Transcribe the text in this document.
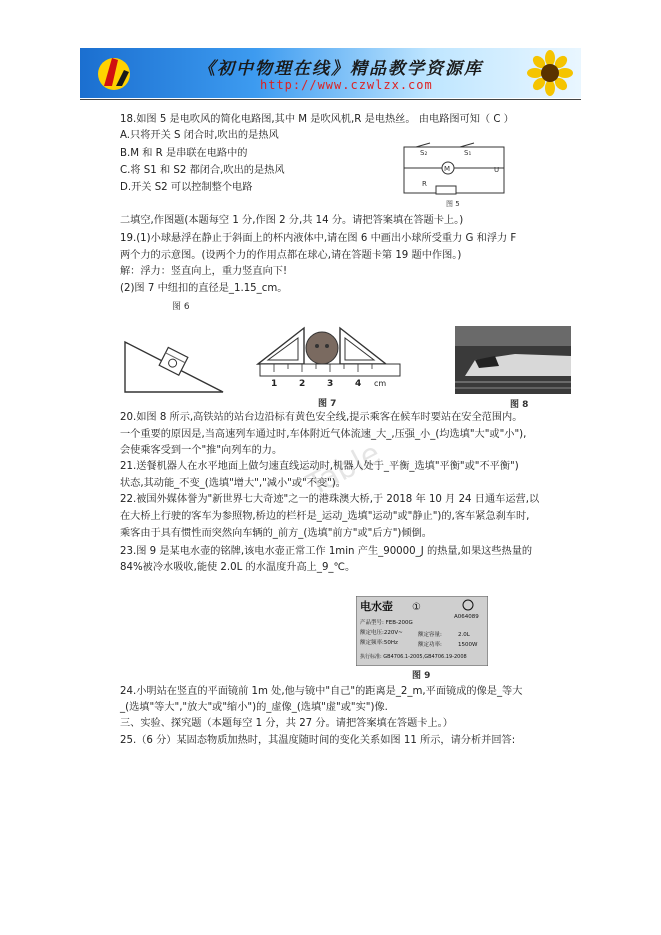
《初中物理在线》精品教学资源库
http://www.czwlzx.com
18.如图 5 是电吹风的简化电路图,其中 M 是吹风机,R 是电热丝。 由电路图可知（ C ）
A.只将开关 S 闭合时,吹出的是热风
B.M 和 R 是串联在电路中的
C.将 S1 和 S2 都闭合,吹出的是热风
D.开关 S2 可以控制整个电路
M
S₂	S₁
U
R
图 5
二填空,作图题(本题每空 1 分,作图 2 分,共 14 分。请把答案填在答题卡上。)
19.(1)小球悬浮在静止于斜面上的杯内液体中,请在图 6 中画出小球所受重力 G 和浮力 F
两个力的示意图。(设两个力的作用点都在球心,请在答题卡第 19 题中作图。)
解：浮力：竖直向上，重力竖直向下!
(2)图 7 中纽扣的直径是_1.15_cm。
图 6
1 2 3 4 cm
图 7	图 8
20.如图 8 所示,高铁站的站台边沿标有黄色安全线,提示乘客在候车时要站在安全范围内。
一个重要的原因是,当高速列车通过时,车体附近气体流速_大_,压强_小_(均选填"大"或"小"),
会使乘客受到一个"推"向列车的力。
21.送餐机器人在水平地面上做匀速直线运动时,机器人处于_平衡_选填"平衡"或"不平衡")
状态,其动能_不变_(选填"增大","减小"或"不变")。
22.被国外媒体誉为"新世界七大奇迹"之一的港珠澳大桥,于 2018 年 10 月 24 日通车运营,以
在大桥上行驶的客车为参照物,桥边的栏杆是_运动_选填"运动"或"静止")的,客车紧急刹车时,
乘客由于具有惯性而突然向车辆的_前方_(选填"前方"或"后方")倾倒。
Table
23.图 9 是某电水壶的铭牌,该电水壶正常工作 1min 产生_90000_J 的热量,如果这些热量的
84%被冷水吸收,能使 2.0L 的水温度升高上_9_℃。
电水壶 ①
A064089
产品型号: FEB-200G
额定电压:220V~	额定容量:	2.0L
额定频率:50Hz	额定功率:	1500W
执行标准: GB4706.1-2005,GB4706.19-2008
图 9
24.小明站在竖直的平面镜前 1m 处,他与镜中"自己"的距离是_2_m,平面镜成的像是_等大
_(选填"等大","放大"或"缩小")的_虚像_(选填"虚"或"实")像.
三、实验、探究题（本题每空 1 分，共 27 分。请把答案填在答题卡上。）
25.（6 分）某固态物质加热时，其温度随时间的变化关系如图 11 所示，请分析并回答:
